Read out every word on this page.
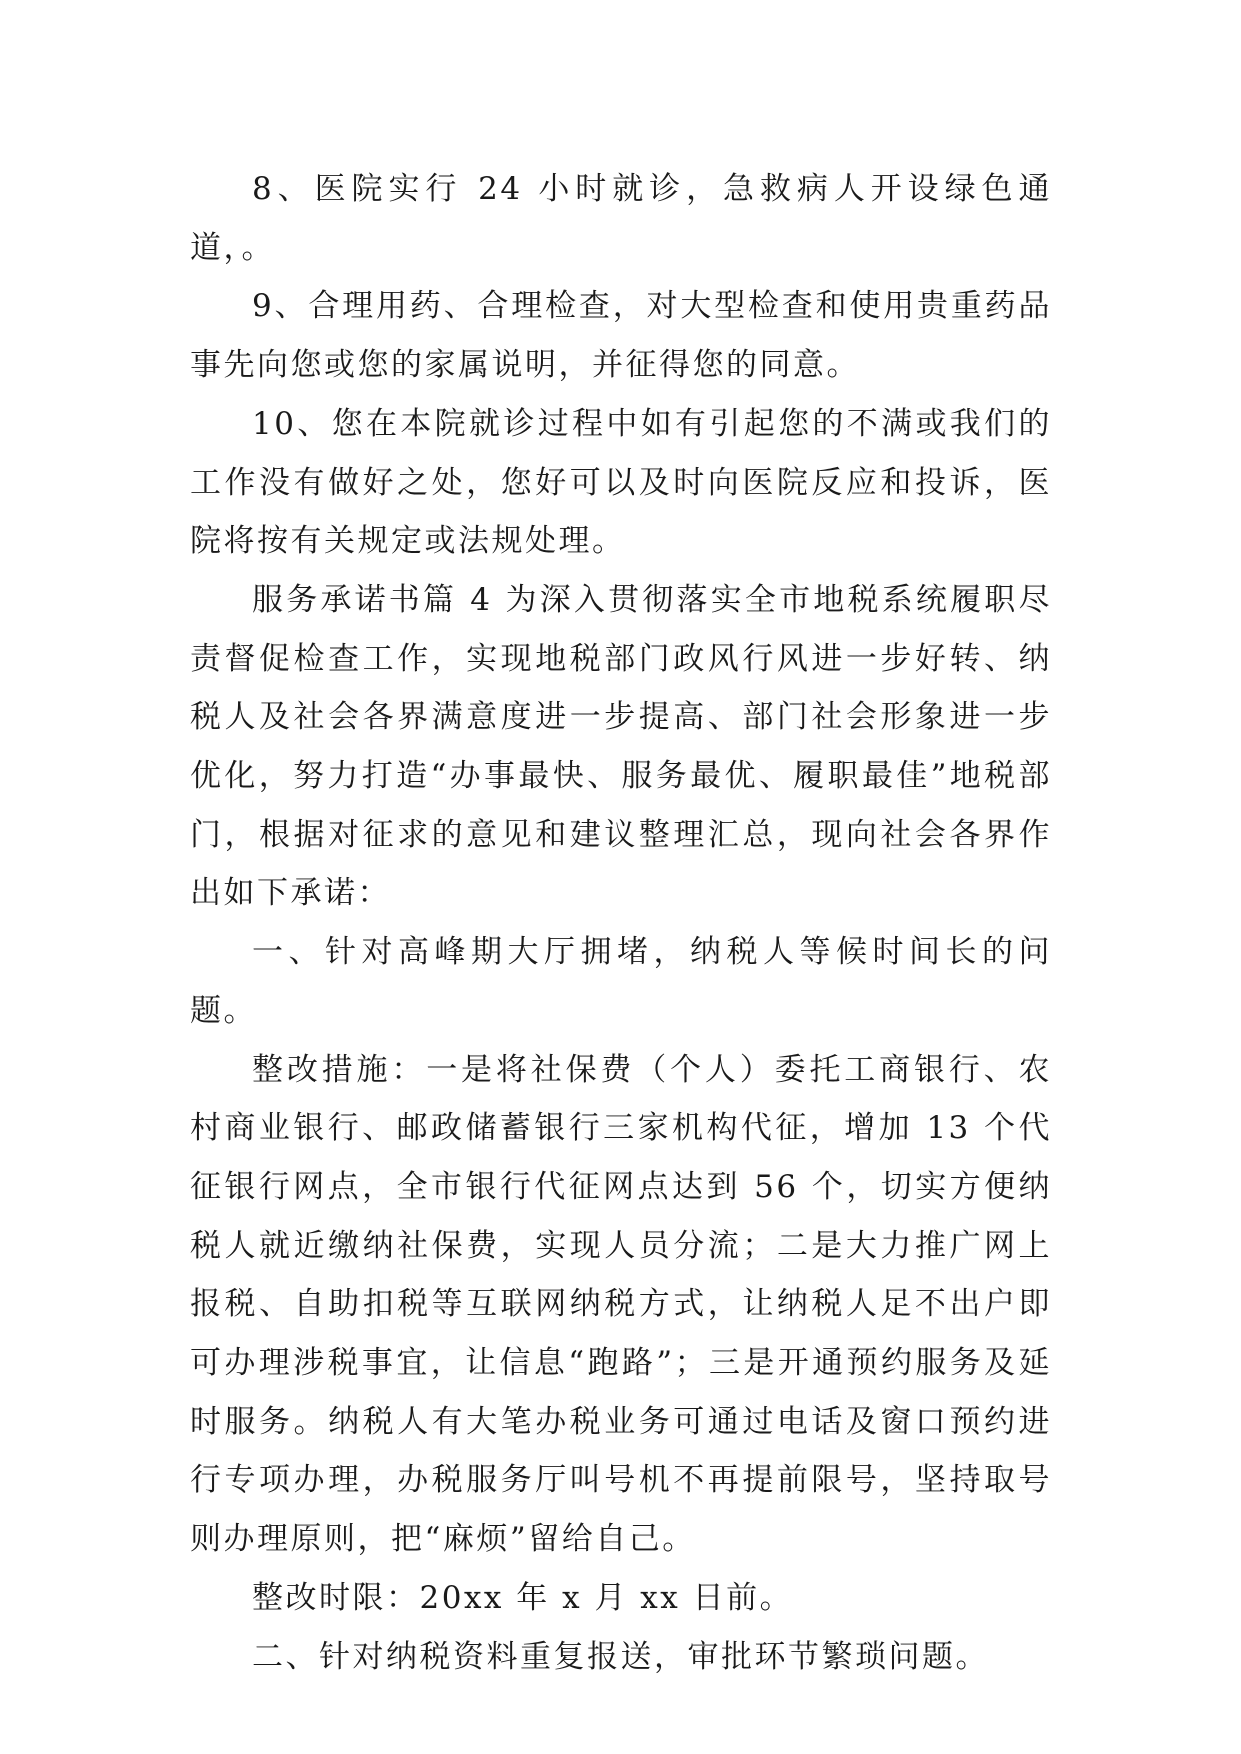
8、医院实行 24 小时就诊，急救病人开设绿色通道，。

9、合理用药、合理检查，对大型检查和使用贵重药品事先向您或您的家属说明，并征得您的同意。

10、您在本院就诊过程中如有引起您的不满或我们的工作没有做好之处，您好可以及时向医院反应和投诉，医院将按有关规定或法规处理。

服务承诺书篇 4 为深入贯彻落实全市地税系统履职尽责督促检查工作，实现地税部门政风行风进一步好转、纳税人及社会各界满意度进一步提高、部门社会形象进一步优化，努力打造“办事最快、服务最优、履职最佳”地税部门，根据对征求的意见和建议整理汇总，现向社会各界作出如下承诺：

一、针对高峰期大厅拥堵，纳税人等候时间长的问题。

整改措施：一是将社保费（个人）委托工商银行、农村商业银行、邮政储蓄银行三家机构代征，增加 13 个代征银行网点，全市银行代征网点达到 56 个，切实方便纳税人就近缴纳社保费，实现人员分流；二是大力推广网上报税、自助扣税等互联网纳税方式，让纳税人足不出户即可办理涉税事宜，让信息“跑路”；三是开通预约服务及延时服务。纳税人有大笔办税业务可通过电话及窗口预约进行专项办理，办税服务厅叫号机不再提前限号，坚持取号则办理原则，把“麻烦”留给自己。

整改时限：20xx 年 x 月 xx 日前。

二、针对纳税资料重复报送，审批环节繁琐问题。
